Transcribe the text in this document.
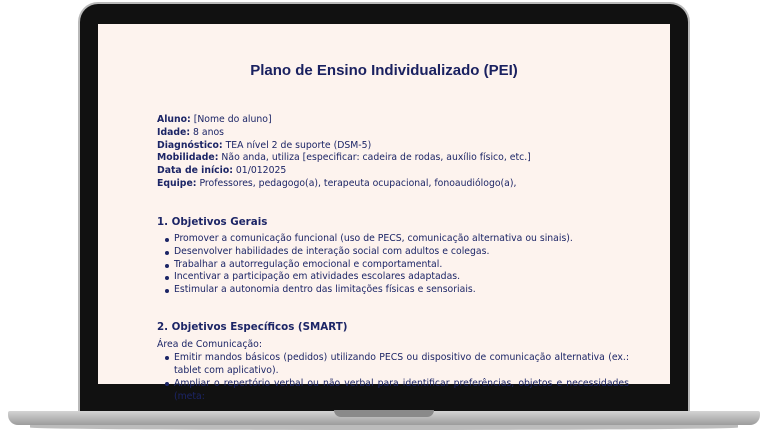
Plano de Ensino Individualizado (PEI)
Aluno: [Nome do aluno]
Idade: 8 anos
Diagnóstico: TEA nível 2 de suporte (DSM-5)
Mobilidade: Não anda, utiliza [especificar: cadeira de rodas, auxílio físico, etc.]
Data de início: 01/012025
Equipe: Professores, pedagogo(a), terapeuta ocupacional, fonoaudiólogo(a),
1. Objetivos Gerais
Promover a comunicação funcional (uso de PECS, comunicação alternativa ou sinais).
Desenvolver habilidades de interação social com adultos e colegas.
Trabalhar a autorregulação emocional e comportamental.
Incentivar a participação em atividades escolares adaptadas.
Estimular a autonomia dentro das limitações físicas e sensoriais.
2. Objetivos Específicos (SMART)
Área de Comunicação:
Emitir mandos básicos (pedidos) utilizando PECS ou dispositivo de comunicação alternativa (ex.: tablet com aplicativo).
Ampliar o repertório verbal ou não verbal para identificar preferências, objetos e necessidades (meta:
